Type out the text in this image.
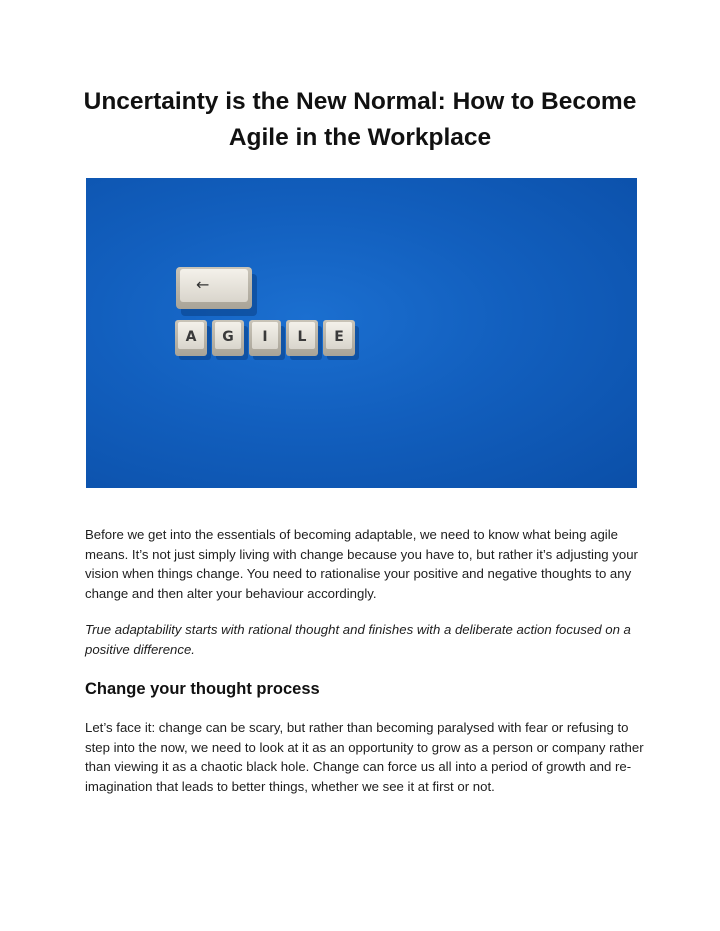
Uncertainty is the New Normal: How to Become Agile in the Workplace
←
A G I L E

Before we get into the essentials of becoming adaptable, we need to know what being agile means. It’s not just simply living with change because you have to, but rather it’s adjusting your vision when things change. You need to rationalise your positive and negative thoughts to any change and then alter your behaviour accordingly.

True adaptability starts with rational thought and finishes with a deliberate action focused on a positive difference.

Change your thought process

Let’s face it: change can be scary, but rather than becoming paralysed with fear or refusing to step into the now, we need to look at it as an opportunity to grow as a person or company rather than viewing it as a chaotic black hole. Change can force us all into a period of growth and re-imagination that leads to better things, whether we see it at first or not.
